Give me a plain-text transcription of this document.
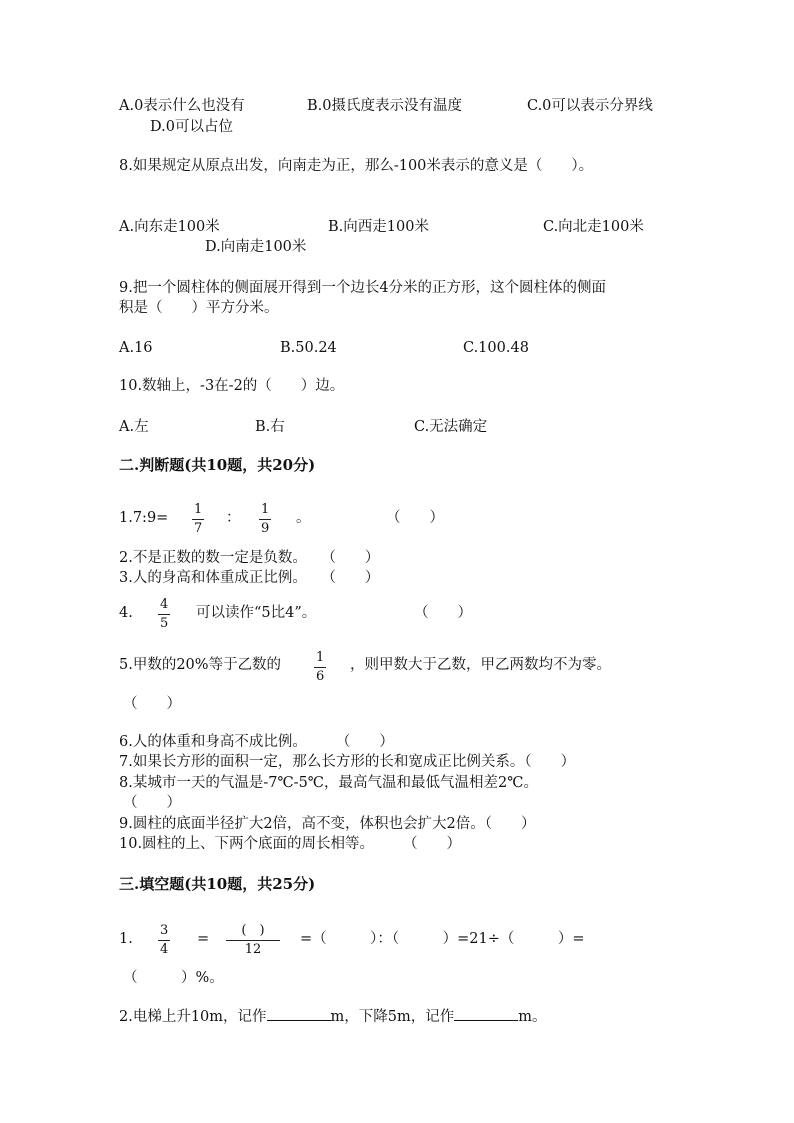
A.0表示什么也没有	B.0摄氏度表示没有温度	C.0可以表示分界线
D.0可以占位
8.如果规定从原点出发，向南走为正，那么-100米表示的意义是（　　）。
A.向东走100米	B.向西走100米	C.向北走100米
D.向南走100米
9.把一个圆柱体的侧面展开得到一个边长4分米的正方形，这个圆柱体的侧面
积是（　　）平方分米。
A.16	B.50.24	C.100.48
10.数轴上，-3在-2的（　　）边。
A.左	B.右	C.无法确定
二.判断题(共10题，共20分)
1.7:9=
1
7
：
1
9
。	（　　）
2.不是正数的数一定是负数。　　（　　）
3.人的身高和体重成正比例。　　（　　）
4.
4
5
可以读作“5比4”。	（　　）
5.甲数的20%等于乙数的	1
6
，则甲数大于乙数，甲乙两数均不为零。
（　　）
6.人的体重和身高不成比例。　　　（　　）
7.如果长方形的面积一定，那么长方形的长和宽成正比例关系。（　　）
8.某城市一天的气温是-7℃-5℃，最高气温和最低气温相差2℃。
（　　）
9.圆柱的底面半径扩大2倍，高不变，体积也会扩大2倍。（　　）
10.圆柱的上、下两个底面的周长相等。　　　（　　）
三.填空题(共10题，共25分)
1.
3
4
=
(　)
12
=（　　　）：（　　　）=21÷（　　　）=
（　　　）%。
2.电梯上升10m，记作	m，下降5m，记作	m。
